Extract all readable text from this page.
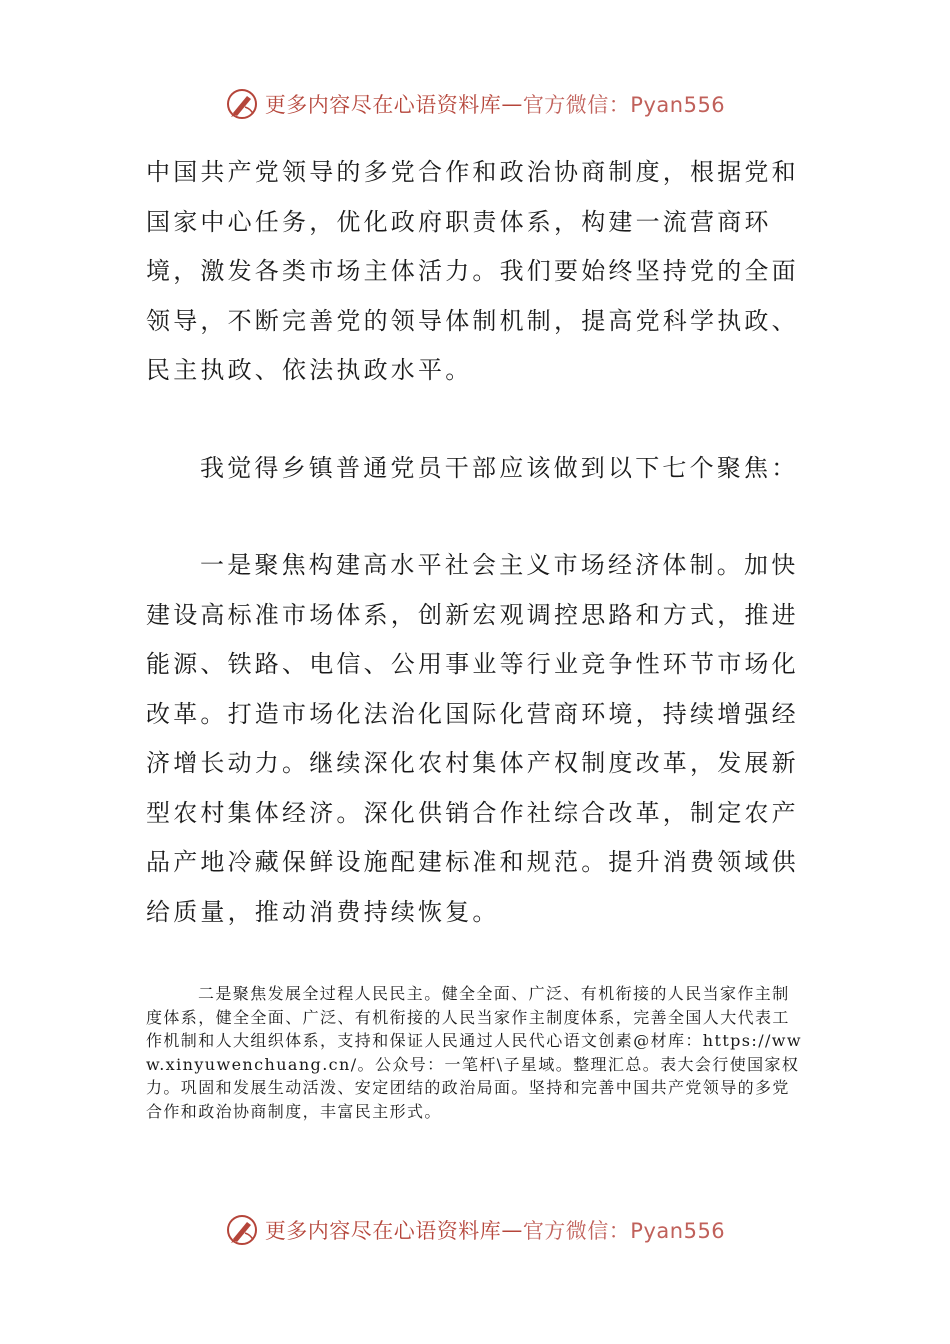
更多内容尽在心语资料库 — 官方微信：Pyan556

中国共产党领导的多党合作和政治协商制度，根据党和国家中心任务，优化政府职责体系，构建一流营商环境，激发各类市场主体活力。我们要始终坚持党的全面领导，不断完善党的领导体制机制，提高党科学执政、民主执政、依法执政水平。

我觉得乡镇普通党员干部应该做到以下七个聚焦：

一是聚焦构建高水平社会主义市场经济体制。加快建设高标准市场体系，创新宏观调控思路和方式，推进能源、铁路、电信、公用事业等行业竞争性环节市场化改革。打造市场化法治化国际化营商环境，持续增强经济增长动力。继续深化农村集体产权制度改革，发展新型农村集体经济。深化供销合作社综合改革，制定农产品产地冷藏保鲜设施配建标准和规范。提升消费领域供给质量，推动消费持续恢复。

二是聚焦发展全过程人民民主。健全全面、广泛、有机衔接的人民当家作主制度体系，健全全面、广泛、有机衔接的人民当家作主制度体系，完善全国人大代表工作机制和人大组织体系，支持和保证人民通过人民代心语文创素@材库：https://www.xinyuwenchuang.cn/。公众号：一笔杆\子星域。整理汇总。表大会行使国家权力。巩固和发展生动活泼、安定团结的政治局面。坚持和完善中国共产党领导的多党合作和政治协商制度，丰富民主形式。

更多内容尽在心语资料库 — 官方微信：Pyan556
